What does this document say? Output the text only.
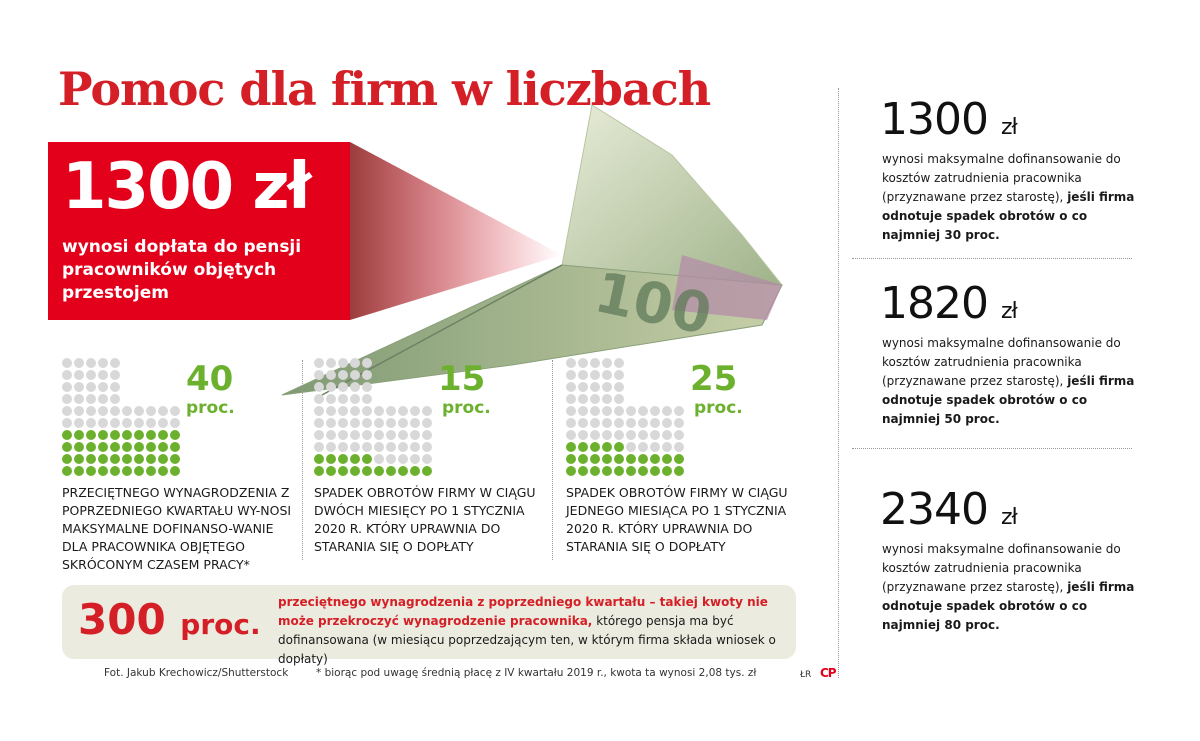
Pomoc dla firm w liczbach
1300 zł
wynosi dopłata do pensji pracowników objętych przestojem	100
40
proc.
PRZECIĘTNEGO WYNAGRODZENIA Z POPRZEDNIEGO KWARTAŁU WY-NOSI MAKSYMALNE DOFINANSO-WANIE DLA PRACOWNIKA OBJĘTEGO SKRÓCONYM CZASEM PRACY*
15
proc.
SPADEK OBROTÓW FIRMY W CIĄGU DWÓCH MIESIĘCY PO 1 STYCZNIA 2020 R. KTÓRY UPRAWNIA DO STARANIA SIĘ O DOPŁATY
25
proc.
SPADEK OBROTÓW FIRMY W CIĄGU JEDNEGO MIESIĄCA PO 1 STYCZNIA 2020 R. KTÓRY UPRAWNIA DO STARANIA SIĘ O DOPŁATY
300 proc.
przeciętnego wynagrodzenia z poprzedniego kwartału – takiej kwoty nie może przekroczyć wynagrodzenie pracownika, którego pensja ma być dofinansowana (w miesiącu poprzedzającym ten, w którym firma składa wniosek o dopłaty)
Fot. Jakub Krechowicz/Shutterstock	* biorąc pod uwagę średnią płacę z IV kwartału 2019 r., kwota ta wynosi 2,08 tys. zł	ŁR CP
1300 zł
wynosi maksymalne dofinansowanie do kosztów zatrudnienia pracownika (przyznawane przez starostę), jeśli firma odnotuje spadek obrotów o co najmniej 30 proc.
1820 zł
wynosi maksymalne dofinansowanie do kosztów zatrudnienia pracownika (przyznawane przez starostę), jeśli firma odnotuje spadek obrotów o co najmniej 50 proc.
2340 zł
wynosi maksymalne dofinansowanie do kosztów zatrudnienia pracownika (przyznawane przez starostę), jeśli firma odnotuje spadek obrotów o co najmniej 80 proc.
